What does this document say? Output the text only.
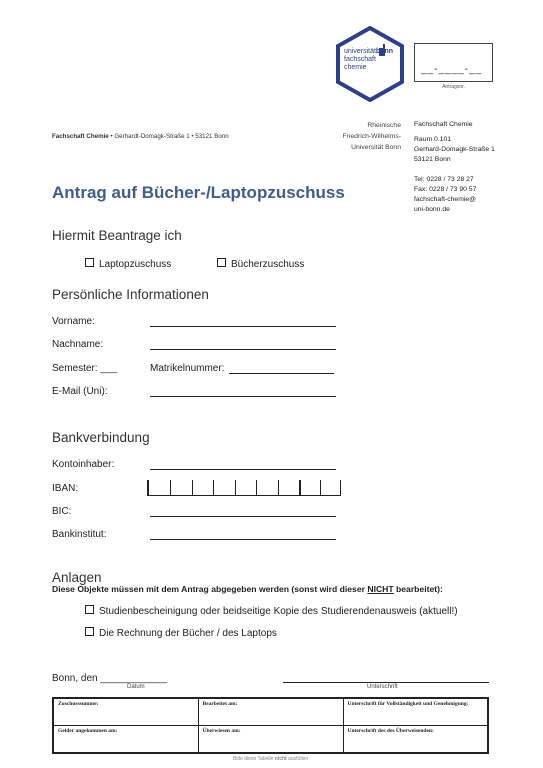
universitätbonn
fachschaft
chemie	__-____-__
Antragsnr.
Fachschaft Chemie • Gerhardt-Domagk-Straße 1 • 53121 Bonn
Rheinische
Friedrich-Wilhelms-
Universität Bonn
Fachschaft Chemie
Raum 0.101
Gerhard-Domagk-Straße 1
53121 Bonn
Tel: 0228 / 73 28 27
Fax: 0228 / 73 90 57
fachschaft-chemie@
uni-bonn.de
Antrag auf Bücher-/Laptopzuschuss
Hiermit Beantrage ich
Laptopzuschuss	Bücherzuschuss
Persönliche Informationen
Vorname:
Nachname:
Semester: ___	Matrikelnummer:
E-Mail (Uni):
Bankverbindung
Kontoinhaber:
IBAN:
BIC:
Bankinstitut:
Anlagen
Diese Objekte müssen mit dem Antrag abgegeben werden (sonst wird dieser NICHT bearbeitet):
Studienbescheinigung oder beidseitige Kopie des Studierendenausweis (aktuell!)
Die Rechnung der Bücher / des Laptops
Bonn, den ____________
Datum	Unterschrift
Zuschusssumme:	Bearbeitet am:	Unterschrift für Vollständigkeit und Genehmigung:
Gelder angekommen am:	Überwiesen am:	Unterschrift des des Überweisenden:
Bitte diese Tabelle nicht ausfüllen
